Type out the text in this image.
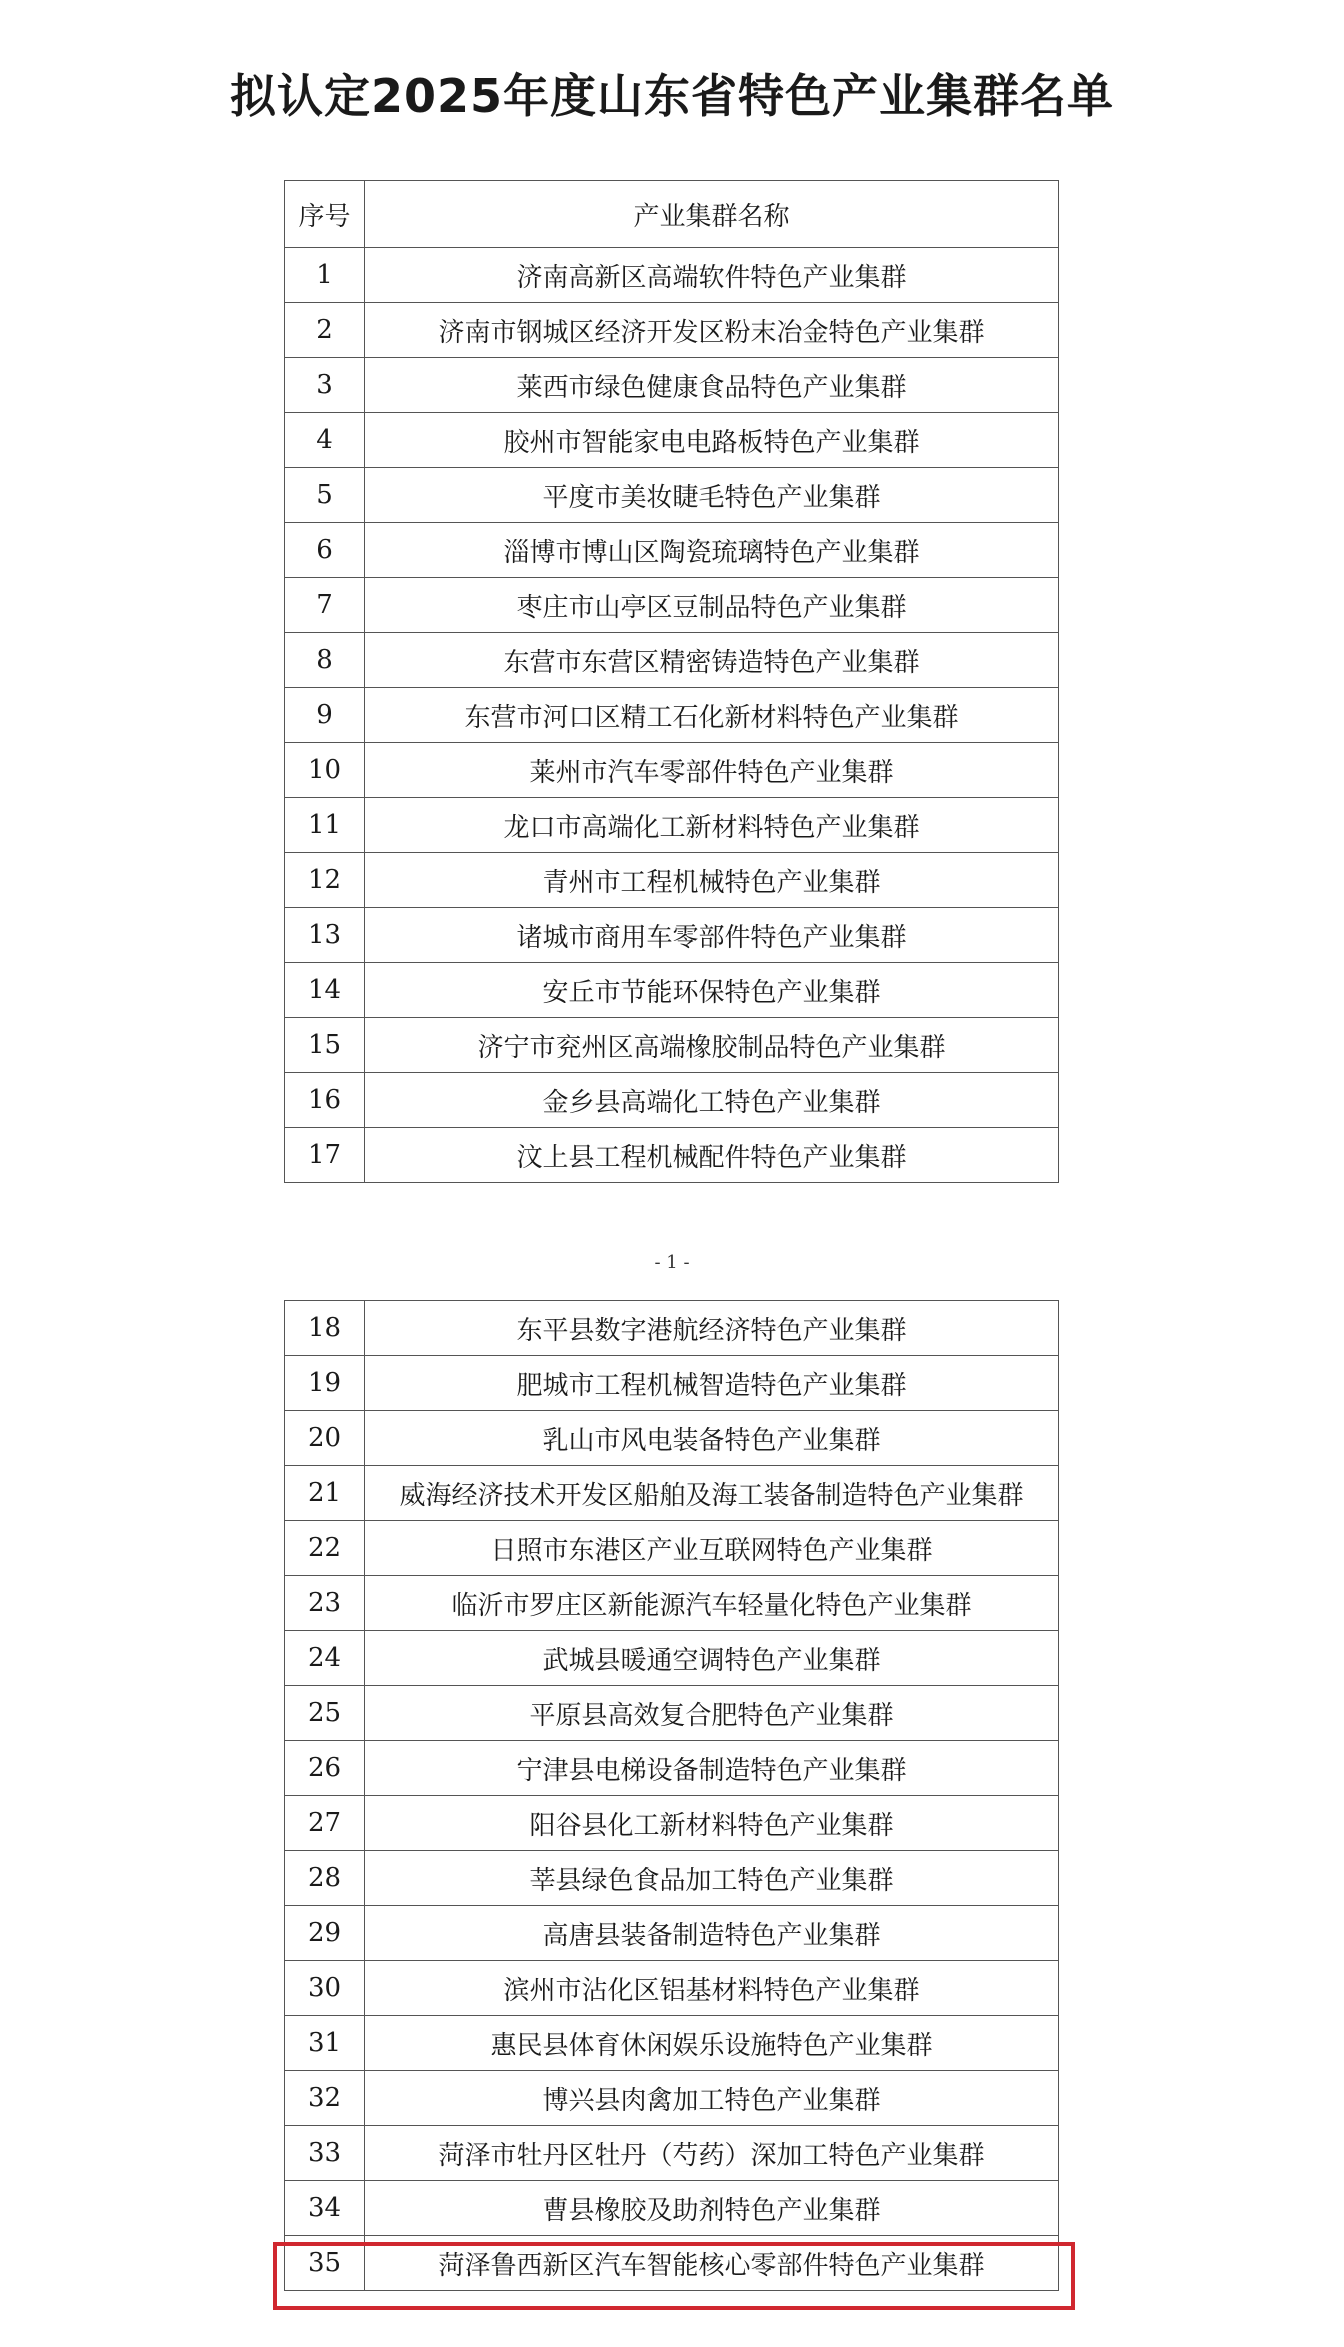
拟认定2025年度山东省特色产业集群名单
序号	产业集群名称
1	济南高新区高端软件特色产业集群
2	济南市钢城区经济开发区粉末冶金特色产业集群
3	莱西市绿色健康食品特色产业集群
4	胶州市智能家电电路板特色产业集群
5	平度市美妆睫毛特色产业集群
6	淄博市博山区陶瓷琉璃特色产业集群
7	枣庄市山亭区豆制品特色产业集群
8	东营市东营区精密铸造特色产业集群
9	东营市河口区精工石化新材料特色产业集群
10	莱州市汽车零部件特色产业集群
11	龙口市高端化工新材料特色产业集群
12	青州市工程机械特色产业集群
13	诸城市商用车零部件特色产业集群
14	安丘市节能环保特色产业集群
15	济宁市兖州区高端橡胶制品特色产业集群
16	金乡县高端化工特色产业集群
17	汶上县工程机械配件特色产业集群
- 1 -
18	东平县数字港航经济特色产业集群
19	肥城市工程机械智造特色产业集群
20	乳山市风电装备特色产业集群
21	威海经济技术开发区船舶及海工装备制造特色产业集群
22	日照市东港区产业互联网特色产业集群
23	临沂市罗庄区新能源汽车轻量化特色产业集群
24	武城县暖通空调特色产业集群
25	平原县高效复合肥特色产业集群
26	宁津县电梯设备制造特色产业集群
27	阳谷县化工新材料特色产业集群
28	莘县绿色食品加工特色产业集群
29	高唐县装备制造特色产业集群
30	滨州市沾化区铝基材料特色产业集群
31	惠民县体育休闲娱乐设施特色产业集群
32	博兴县肉禽加工特色产业集群
33	菏泽市牡丹区牡丹（芍药）深加工特色产业集群
34	曹县橡胶及助剂特色产业集群
35	菏泽鲁西新区汽车智能核心零部件特色产业集群
